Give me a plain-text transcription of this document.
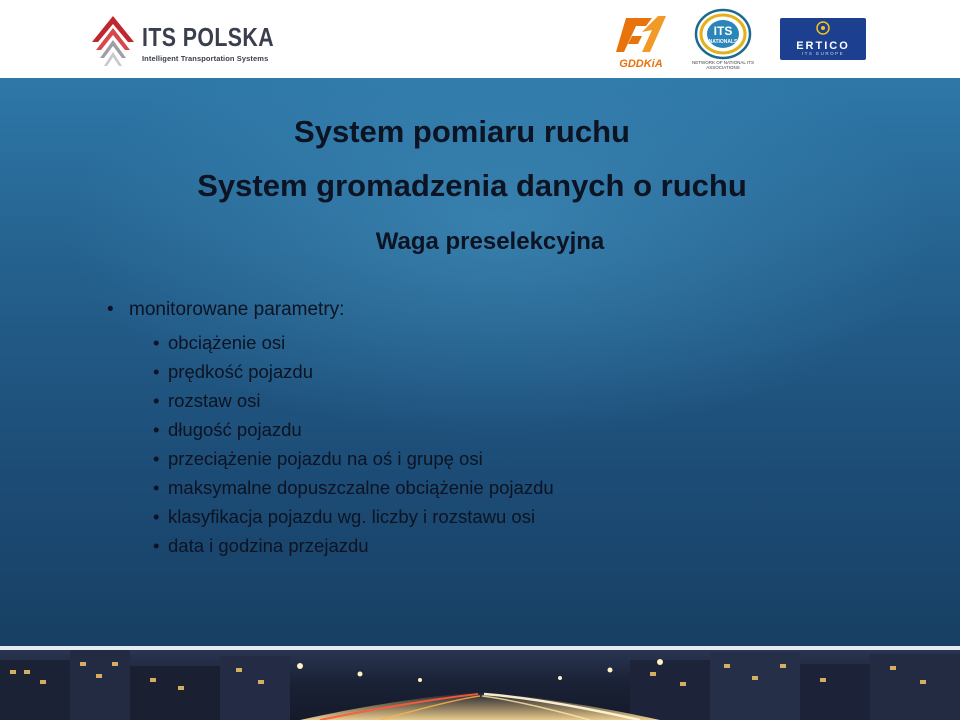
ITS POLSKA
Intelligent Transportation Systems	GDDKiA
ITS
NATIONALS
NETWORK OF NATIONAL ITS ASSOCIATIONS
ERTICO
ITS EUROPE
System pomiaru ruchu
System gromadzenia danych o ruchu
Waga preselekcyjna
• monitorowane parametry:
• obciążenie osi
• prędkość pojazdu
• rozstaw osi
• długość pojazdu
• przeciążenie pojazdu na oś i grupę osi
• maksymalne dopuszczalne obciążenie pojazdu
• klasyfikacja pojazdu wg. liczby i rozstawu osi
• data i godzina przejazdu
